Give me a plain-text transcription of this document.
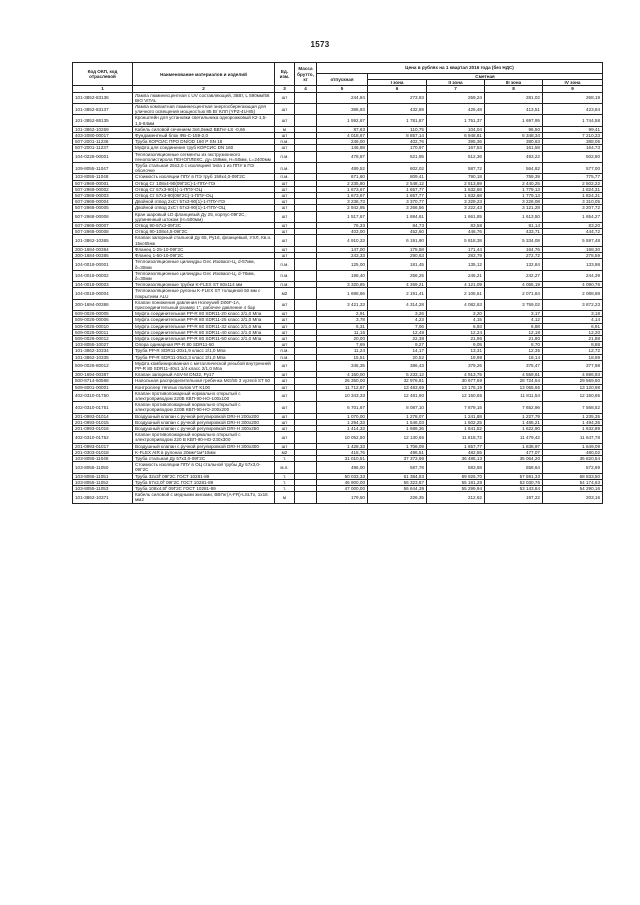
1573
Код ОКП, код отраслевой	Наименование материалов и изделий	Ед. изм.	Масса брутто, кг	Цена в рублях на 1 квартал 2016 года (без НДС)				
				отпускная	Сметная			
					I зона	II зона	III зона	IV зона
1	2	3	4	5	6	7	8	9
101-3852-83136	Лампа люминесцентная с UV составляющей, 36Вт, L 590мм/56 BIO VITAL	шт		244,84	273,93	259,24	281,02	268,19
101-3852-83137	Лампа компактная люминесцентная энергосберегающая для уличного освещения мощностью 85 Вт КЛЛ (YPZ-4U-85)	шт		386,93	432,69	425,48	413,51	423,84
101-3852-88135	Кронштейн для установки светильника однорожковый К2-1,5-1,5-84мм	шт		1 592,67	1 781,87	1 751,37	1 697,95	1 744,58
101-3862-10269	Кабель силовой сечением 3х6,0мм2 ВВГнг-LS -0,66	м		87,63	110,75	104,04	96,50	99,41
403-2080-00017	Фундаментный блок ФБ-С-159-2,0	шт		4 018,67	8 857,14	6 948,81	6 348,34	7 210,33
507-2001-11236	Труба КОРСИС ПРО DN/OD 160 P SN 16	п.м.		246,00	402,76	395,36	380,63	388,05
507-2001-11237	Муфта для соединения труб КОРСИС DN 160	шт		146,88	170,97	167,53	161,58	164,73
104-0228-00001	Теплоизоляционные сегменты из экструзионного пенополистирола ПЕНОПЛЕКС, ду=159мм, Н=50мм, L=2400мм	п.м.		478,87	521,95	512,36	493,22	502,80
109-8055-11047	Труба стальная 25х3,0 с изоляцией типа 1 из ППУ в ПЭ оболочке	п.м.		489,52	602,02	587,72	564,82	577,00
103-8055-11048	Стоимость изоляции ППУ в ПЭ труб 159х4,0-09Г2С	п.м.		671,60	809,41	790,18	759,39	775,77
507-2968-00001	Отвод Ст 108х4-90(09Г2С)-1-ППУ-ПЭ	шт		2 235,80	2 548,12	2 513,69	2 440,25	2 502,22
507-2968-00002	Отвод Ст 57х3-90(1)-1-ППУ-ОЦ	шт		1 673,67	1 657,77	1 632,68	1 779,13	1 824,31
507-2968-00003	Отвод Ст 57х3-90(09Г2С)-1-ППУ-ОЦ	шт		1 673,67	1 657,77	1 632,68	1 779,13	1 824,31
507-2968-00004	Двойной отвод 2хСт 57х3-90(1)-1-ППУ-ПЭ	шт		3 236,73	3 370,77	3 329,23	3 226,08	3 310,05
507-2968-00005	Двойной отвод 2хСт 57х3-90(1)-1-ППУ-ОЦ	шт		2 942,95	3 266,56	3 222,43	3 121,28	3 207,72
507-2968-00006	Кран шаровый LD фланцевый Ду 25, корпус-09Г2С, удлиненный штоком (Н=500мм)	шт		1 517,67	1 684,61	1 661,85	1 613,50	1 654,27
507-2968-00007	Отвод 90-57х3-09Г2С	шт		76,33	84,73	83,58	81,14	83,20
507-2968-00008	Отвод 90-108х4,5-09Г2С	шт		403,00	452,60	446,76	433,71	444,72
101-3862-10365	Клапан запорный стальной Ду 65, Ру16, фланцевый, УХЛ, Кв.н. 15кс65нж	шт		4 910,33	6 191,90	5 818,38	5 334,08	5 597,48
300-1684-00384	Фланец 1-25-10-09Г2С	шт		147,00	175,58	171,44	164,76	168,30
300-1684-00385	Фланец 1-50-10-09Г2С	шт		243,33	290,63	283,79	272,72	278,59
104-0018-00001	Теплоизоляционные цилиндры Gec Изоваол-Ц, d-57мм, δ=30мм	п.м.		125,00	181,45	135,12	132,84	133,98
104-0018-00002	Теплоизоляционные цилиндры Gec Изоваол-Ц, d-76мм, δ=30мм	п.м.		198,40	256,25	245,21	242,27	244,39
104-0018-00003	Теплоизоляционные трубки K-FLEX ST 50х114 мм	п.м.		3 320,85	4 269,21	4 121,09	4 055,19	4 090,76
104-0018-00004	Теплоизоляционные рулоны K-FLEX ST толщиной 50 мм с покрытием ALU	м2		1 698,66	2 191,41	2 105,51	2 071,84	2 088,98
300-1694-00386	Клапан понижения давления Honeywell D06F-1A, присоединительный размер 1", рабочее давление 4 бар	шт		3 421,33	4 314,28	4 082,63	3 759,02	3 872,23
509-0026-00005	Муфта соединительная PP-R 80 SDR11-20 класс 2/1,0 Mпа	шт		2,91	3,26	3,20	3,17	3,18
509-0026-00006	Муфта соединительная PP-R 80 SDR11-25 класс 2/1,0 Mпа	шт		3,78	4,23	4,15	4,12	4,14
509-0026-00010	Муфта соединительная PP-R 80 SDR11-32 класс 2/1,0 Mпа	шт		6,31	7,06	6,93	6,88	6,91
509-0026-00011	Муфта соединительная PP-R 80 SDR11-40 класс 2/1,0 Mпа	шт		11,15	12,48	12,24	12,18	12,20
509-0026-00012	Муфта соединительная PP-R 80 SDR11-50 класс 2/1,0 Mпа	шт		20,00	22,38	21,96	21,80	21,88
103-8055-10027	Опора одинарная PP-R 80 SDR11-50	шт		7,69	9,27	9,05	8,70	8,88
101-3862-10334	Труба PP-R SDR11-20х1,9 класс 2/1,0 Mпа	п.м.		11,24	14,17	13,31	12,35	12,72
101-3862-10335	Труба PP-R SDR11-25х2,3 класс 2/1,0 Mпа	п.м.		15,51	20,52	19,98	18,14	18,69
509-0026-80012	Муфта комбинированная с металлической резьбой внутренней PP-R 80 SDR11-40х1 1/4 класс 2/1,0 Mпа	шт		345,35	386,43	379,26	375,47	377,98
300-1694-00387	Клапан запорный ASV-M DN32, Ру17	шт		4 150,00	5 233,12	4 913,75	4 559,61	4 696,93
500-8714-50568	Напольная распределительная гребенка MG/50 3 vyzenli ST 50	шт		26 350,00	32 976,81	30 677,69	28 724,54	29 569,60
509-6001-00001	Контроллер тёплых полов VT K100	шт		11 712,87	13 483,69	13 176,19	13 055,65	13 120,98
402-0310-01750	Клапан противопожарный нормально открытый с электроприводом 220В КВП-90-НО-100х100	шт		10 343,33	12 481,60	12 150,65	11 811,54	12 150,65
402-0310-01751	Клапан противопожарный нормально открытый с электроприводом 220В КВП-90-НО-200х200	шт		6 701,67	8 087,10	7 879,15	7 652,96	7 568,52
201-0993-01014	Воздушный клапан с ручной регулировкой DRr-H 200х200	шт		1 070,00	1 278,07	1 241,88	1 227,79	1 235,35
201-0993-01015	Воздушный клапан с ручной регулировкой DRr-H 300х200	шт		1 294,33	1 546,03	1 502,25	1 485,21	1 494,35
201-0993-01016	Воздушный клапан с ручной регулировкой DRr-H 300х250	шт		1 414,33	1 689,36	1 641,52	1 622,90	1 632,89
402-0310-01752	Клапан противопожарный нормально открытый с электроприводом 220 В КВП-90-НО-230х300	шт		10 052,50	12 130,65	11 818,72	11 479,42	11 647,78
201-0993-01017	Воздушный клапан с ручной регулировкой DRr-H 300х300	шт		1 428,33	1 706,09	1 657,77	1 638,97	1 649,09
201-0303-01018	K-FLEX AIR в рулонах 20мм*1м*10мм	м2		415,76	496,51	482,55	477,07	480,02
103-8055-11046	Труба стальная Ду 57х3,0-09Г2С	т.		31 010,51	37 373,96	36 486,13	35 064,20	35 820,54
103-8055-11050	Стоимость изоляции ППУ в ОЦ стальной трубы Ду 57х3,0-09Г2С	м.п.		496,00	587,78	583,58	558,64	572,69
103-8055-11051	Труба 32х3f' 09Г2С ГОСТ 10281-89	т.		50 033,33	61 384,83	59 926,70	57 591,33	58 833,50
103-8055-11052	Труба 57х3,0f' 09Г2С ГОСТ 10281-89	т.		46 900,00	56 323,87	55 181,28	53 030,76	54 174,63
103-8055-11053	Труба 108х4,5f' 09Г2С ГОСТ 10281-89	т.		47 000,00	56 644,39	55 299,94	53 143,84	54 290,16
101-3862-10371	Кабель силовой с медными жилами, ВВГнг(А-FR)-LSLTx, 1х16 мм2	м		179,50	226,35	212,62	197,22	203,16
